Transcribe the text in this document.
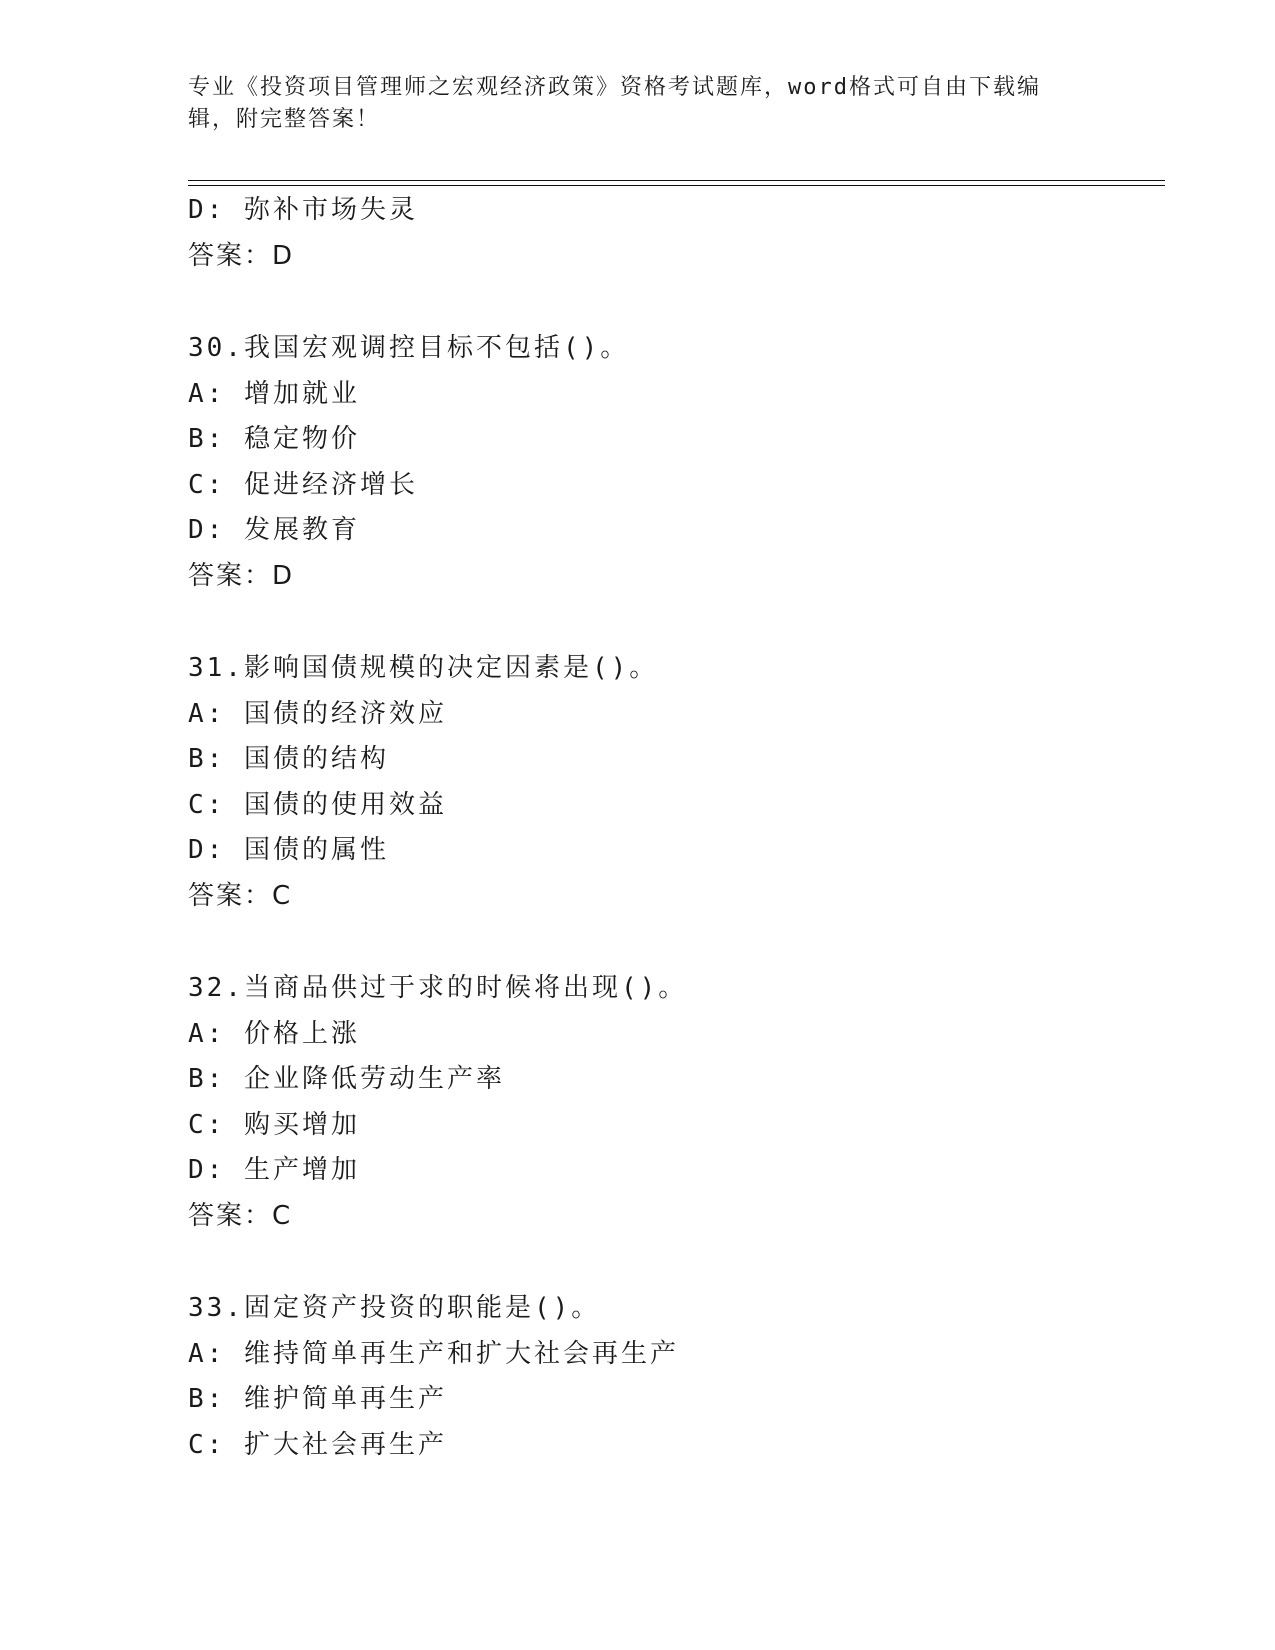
专业《投资项目管理师之宏观经济政策》资格考试题库，word格式可自由下载编
辑，附完整答案！
D: 弥补市场失灵
答案：D
30.我国宏观调控目标不包括()。
A: 增加就业
B: 稳定物价
C: 促进经济增长
D: 发展教育
答案：D
31.影响国债规模的决定因素是()。
A: 国债的经济效应
B: 国债的结构
C: 国债的使用效益
D: 国债的属性
答案：C
32.当商品供过于求的时候将出现()。
A: 价格上涨
B: 企业降低劳动生产率
C: 购买增加
D: 生产增加
答案：C
33.固定资产投资的职能是()。
A: 维持简单再生产和扩大社会再生产
B: 维护简单再生产
C: 扩大社会再生产
